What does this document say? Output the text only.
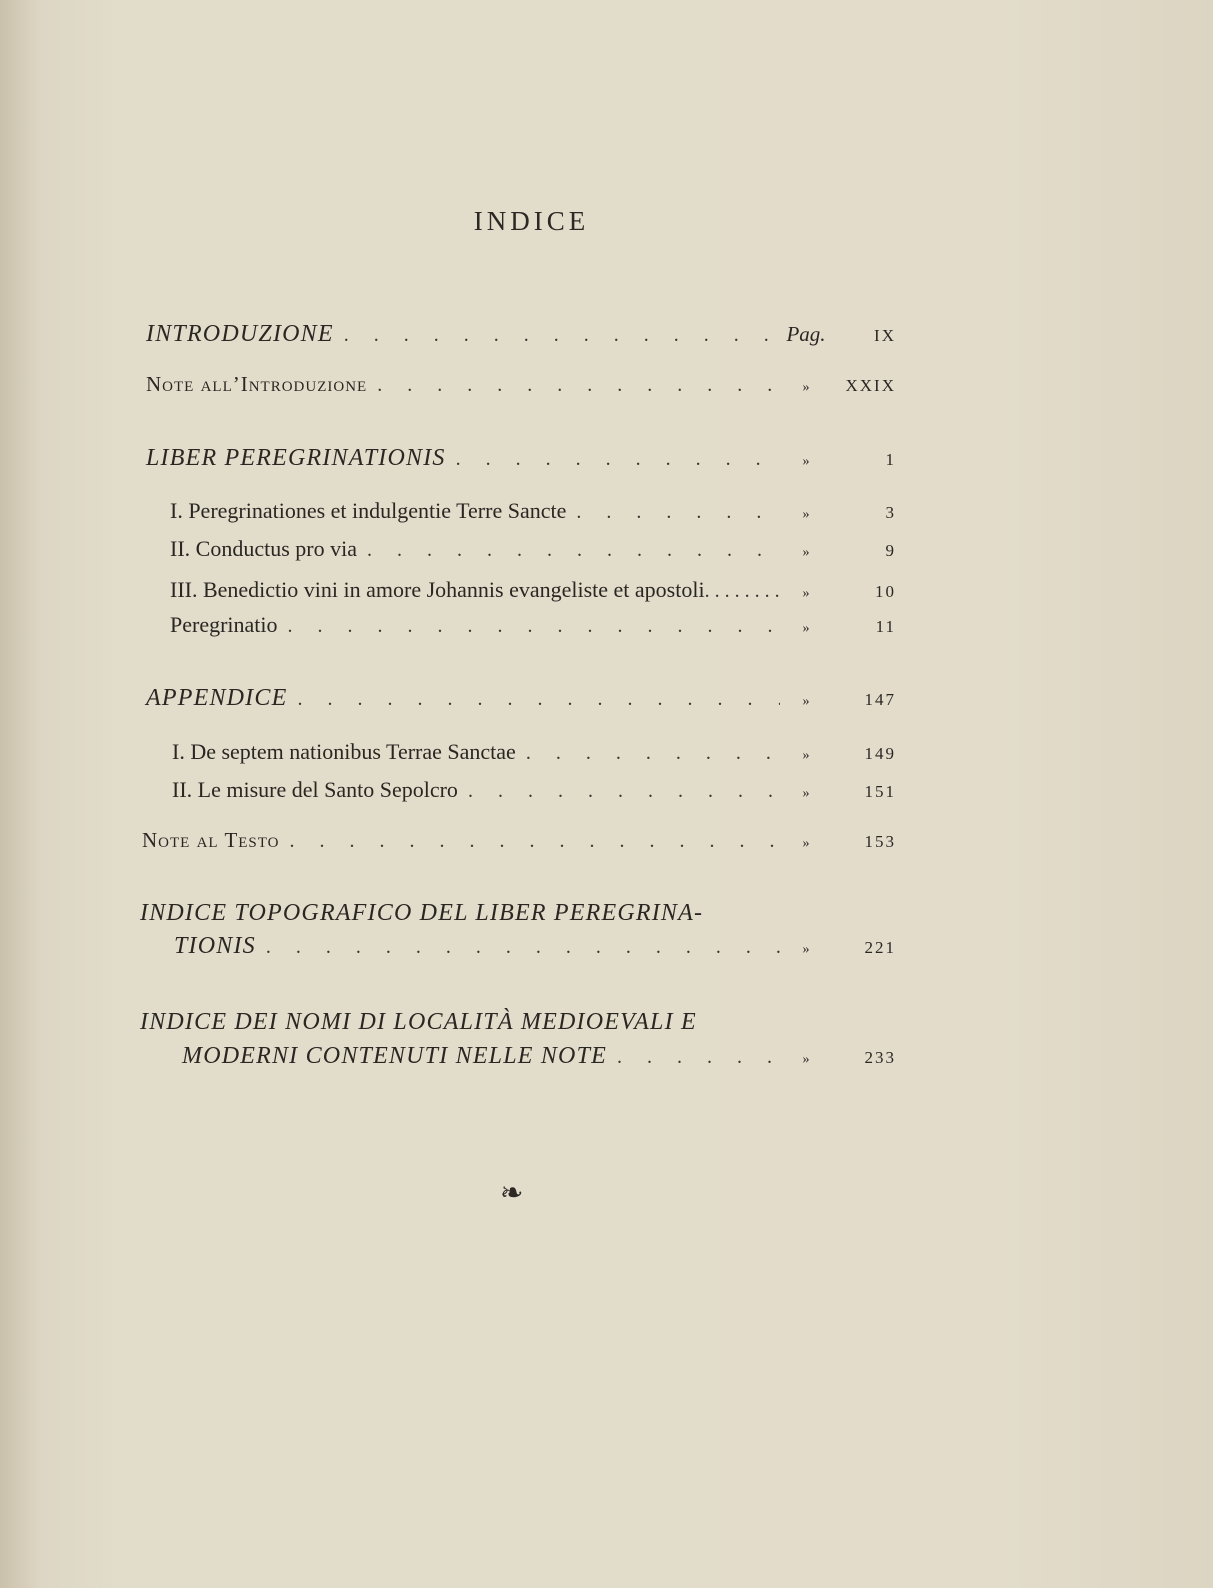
INDICE
INTRODUZIONE . . .	Pag.	IX
Note all’Introduzione . . .	»	XXIX
LIBER PEREGRINATIONIS . . .	»	1
I. Peregrinationes et indulgentie Terre Sancte . . .	»	3
II. Conductus pro via . . .	»	9
III. Benedictio vini in amore Johannis evangeliste et apostoli . . .	»	10
Peregrinatio . . .	»	11
APPENDICE . . .	»	147
I. De septem nationibus Terrae Sanctae . . .	»	149
II. Le misure del Santo Sepolcro . . .	»	151
Note al Testo . . .	»	153
INDICE TOPOGRAFICO DEL LIBER PEREGRINA-
TIONIS . . .	»	221
INDICE DEI NOMI DI LOCALITÀ MEDIOEVALI E
MODERNI CONTENUTI NELLE NOTE . . .	»	233
❧
